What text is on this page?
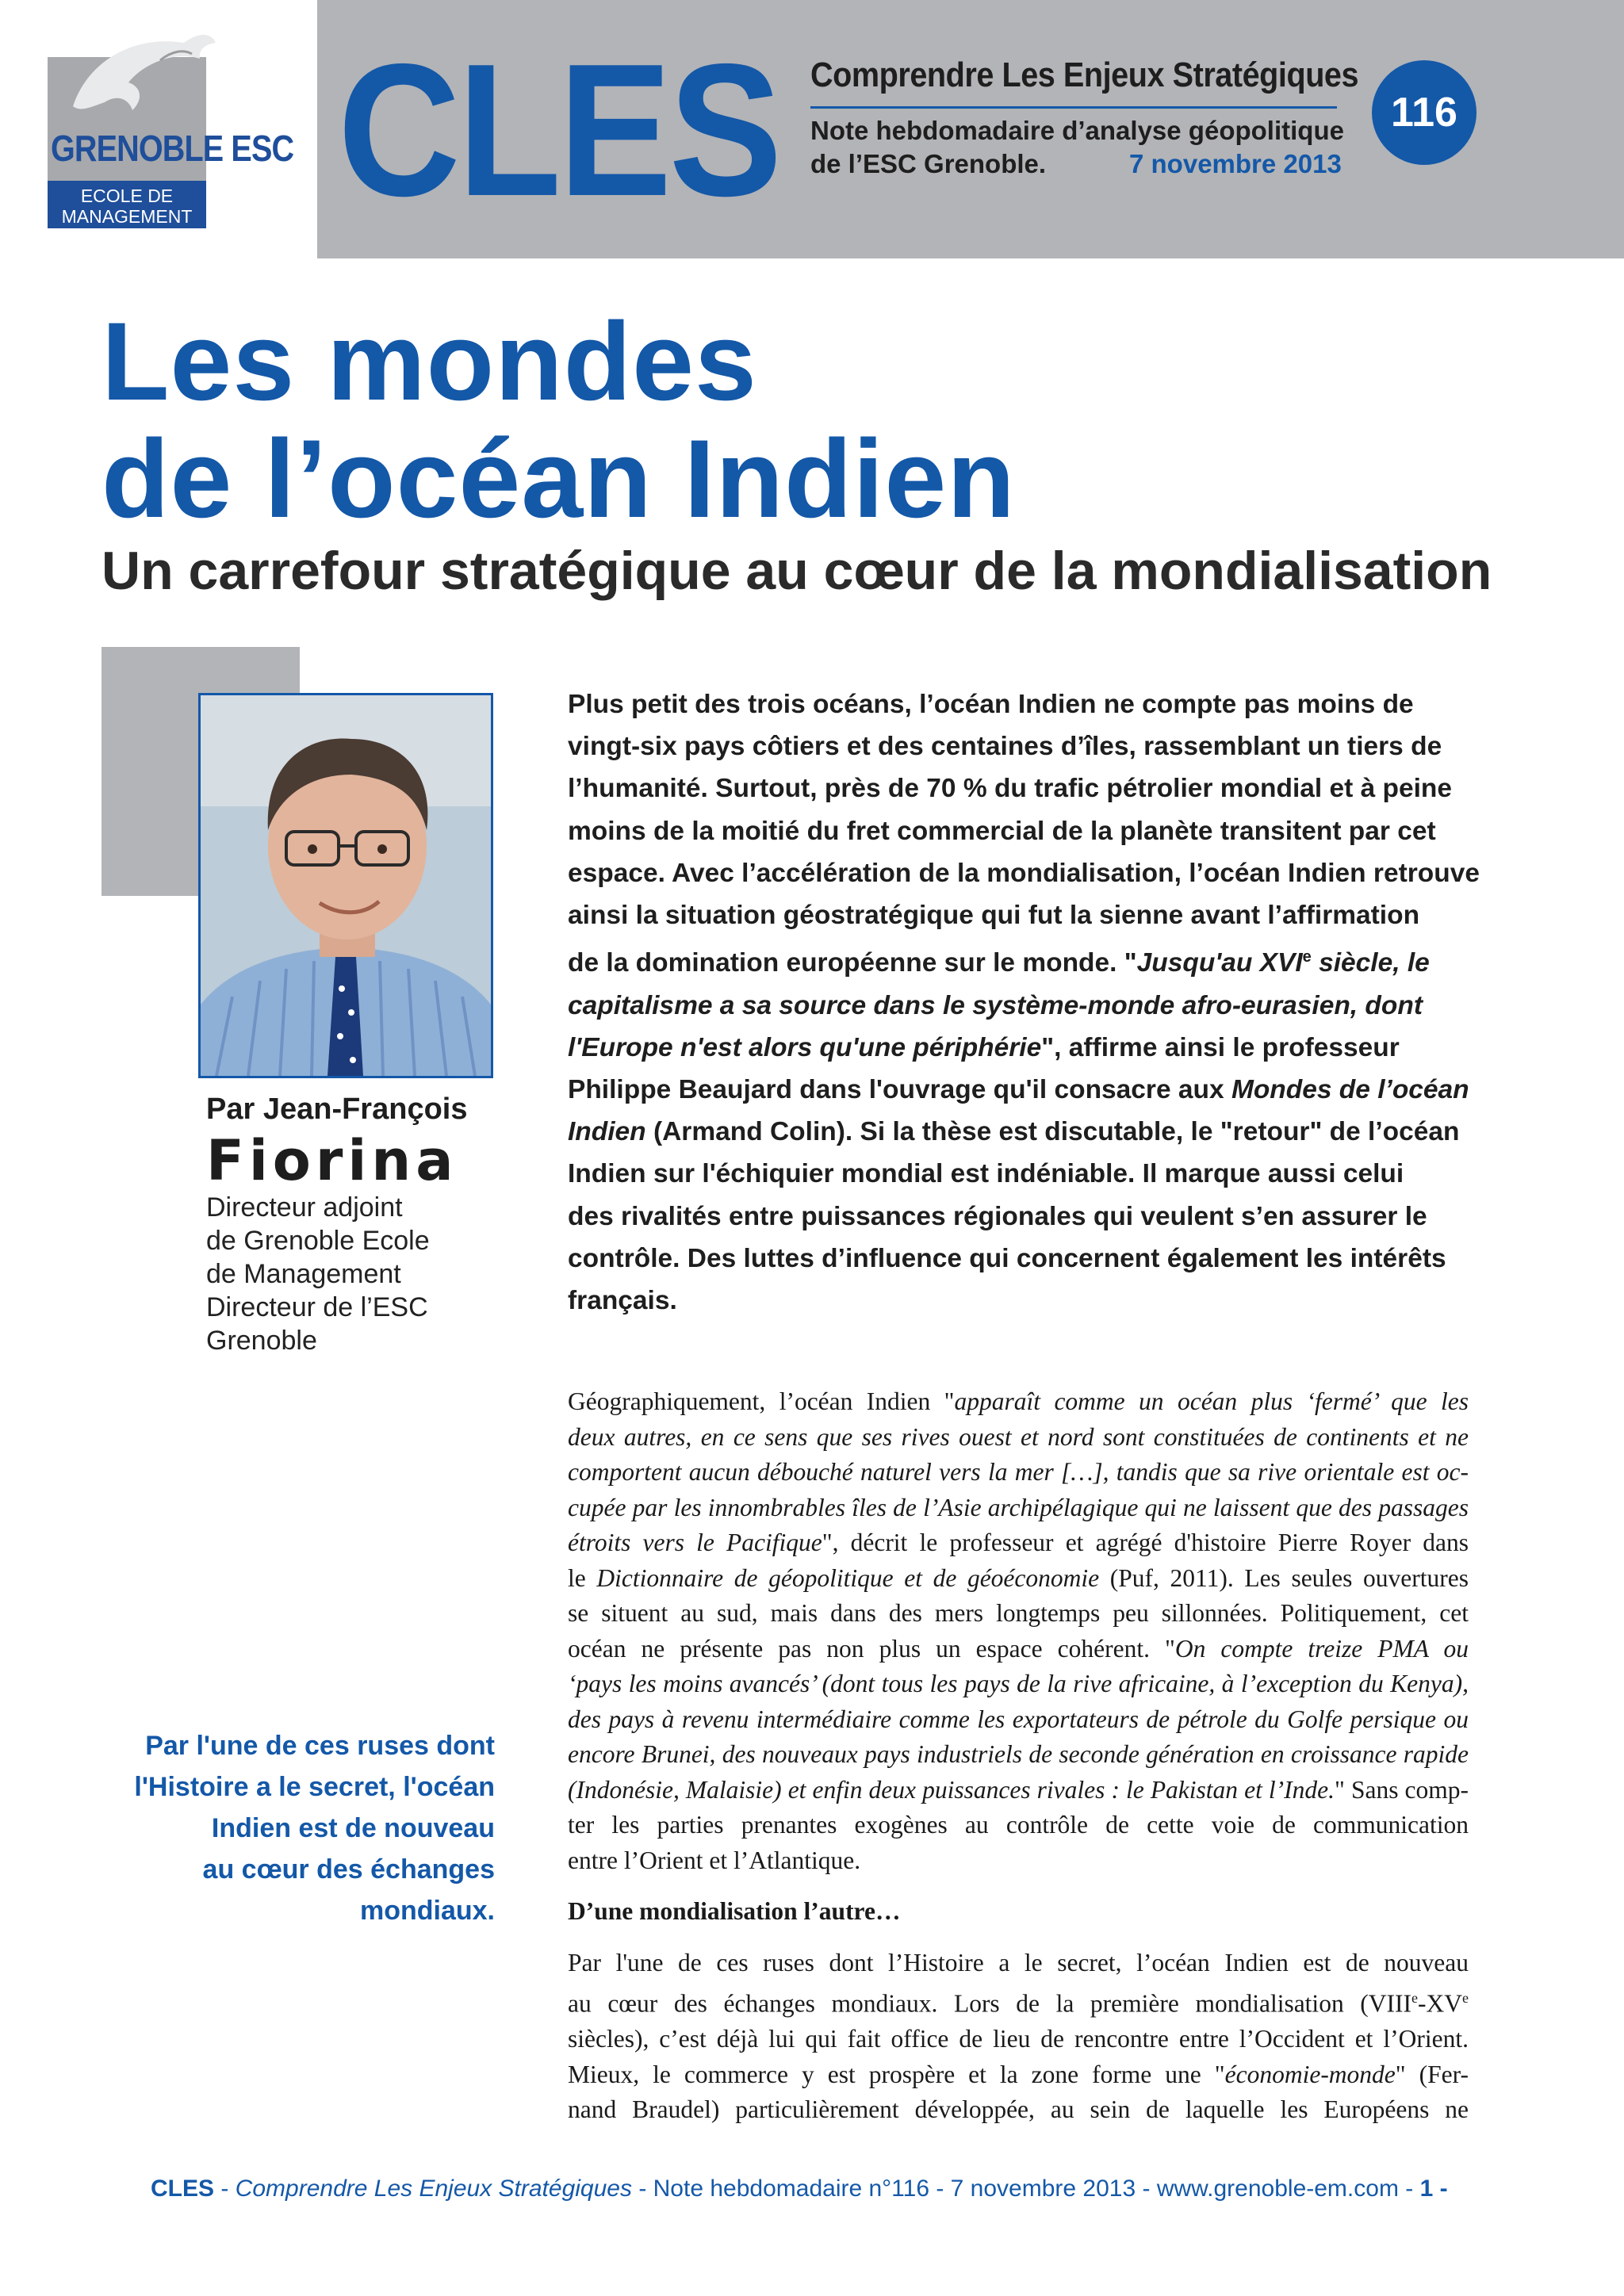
GRENOBLE ESC
ECOLE DE
MANAGEMENT CLES Comprendre Les Enjeux Stratégiques
Note hebdomadaire d’analyse géopolitique
de l’ESC Grenoble.	7 novembre 2013
116
Les mondes
de l’océan Indien
Un carrefour stratégique au cœur de la mondialisation
Par Jean-François
Fiorina
Directeur adjoint
de Grenoble Ecole
de Management
Directeur de l’ESC
Grenoble
Plus petit des trois océans, l’océan Indien ne compte pas moins de
vingt-six pays côtiers et des centaines d’îles, rassemblant un tiers de
l’humanité. Surtout, près de 70 % du trafic pétrolier mondial et à peine
moins de la moitié du fret commercial de la planète transitent par cet
espace. Avec l’accélération de la mondialisation, l’océan Indien retrouve
ainsi la situation géostratégique qui fut la sienne avant l’affirmation
de la domination européenne sur le monde. "Jusqu'au XVIe siècle, le
capitalisme a sa source dans le système-monde afro-eurasien, dont
l'Europe n'est alors qu'une périphérie", affirme ainsi le professeur
Philippe Beaujard dans l'ouvrage qu'il consacre aux Mondes de l’océan
Indien (Armand Colin). Si la thèse est discutable, le "retour" de l’océan
Indien sur l'échiquier mondial est indéniable. Il marque aussi celui
des rivalités entre puissances régionales qui veulent s’en assurer le
contrôle. Des luttes d’influence qui concernent également les intérêts
français.
Géographiquement, l’océan Indien "apparaît comme un océan plus ‘fermé’ que les
deux autres, en ce sens que ses rives ouest et nord sont constituées de continents et ne
comportent aucun débouché naturel vers la mer […], tandis que sa rive orientale est oc-
cupée par les innombrables îles de l’Asie archipélagique qui ne laissent que des passages
étroits vers le Pacifique", décrit le professeur et agrégé d'histoire Pierre Royer dans
le Dictionnaire de géopolitique et de géoéconomie (Puf, 2011). Les seules ouvertures
se situent au sud, mais dans des mers longtemps peu sillonnées. Politiquement, cet
océan ne présente pas non plus un espace cohérent. "On compte treize PMA ou
‘pays les moins avancés’ (dont tous les pays de la rive africaine, à l’exception du Kenya),
des pays à revenu intermédiaire comme les exportateurs de pétrole du Golfe persique ou
encore Brunei, des nouveaux pays industriels de seconde génération en croissance rapide
(Indonésie, Malaisie) et enfin deux puissances rivales : le Pakistan et l’Inde." Sans comp-
ter les parties prenantes exogènes au contrôle de cette voie de communication
entre l’Orient et l’Atlantique.
D’une mondialisation l’autre…
Par l'une de ces ruses dont l’Histoire a le secret, l’océan Indien est de nouveau
au cœur des échanges mondiaux. Lors de la première mondialisation (VIIIe-XVe
siècles), c’est déjà lui qui fait office de lieu de rencontre entre l’Occident et l’Orient.
Mieux, le commerce y est prospère et la zone forme une "économie-monde" (Fer-
nand Braudel) particulièrement développée, au sein de laquelle les Européens ne
Par l'une de ces ruses dont
l'Histoire a le secret, l'océan
Indien est de nouveau
au cœur des échanges
mondiaux.
CLES - Comprendre Les Enjeux Stratégiques - Note hebdomadaire n°116 - 7 novembre 2013 - www.grenoble-em.com - 1 -
